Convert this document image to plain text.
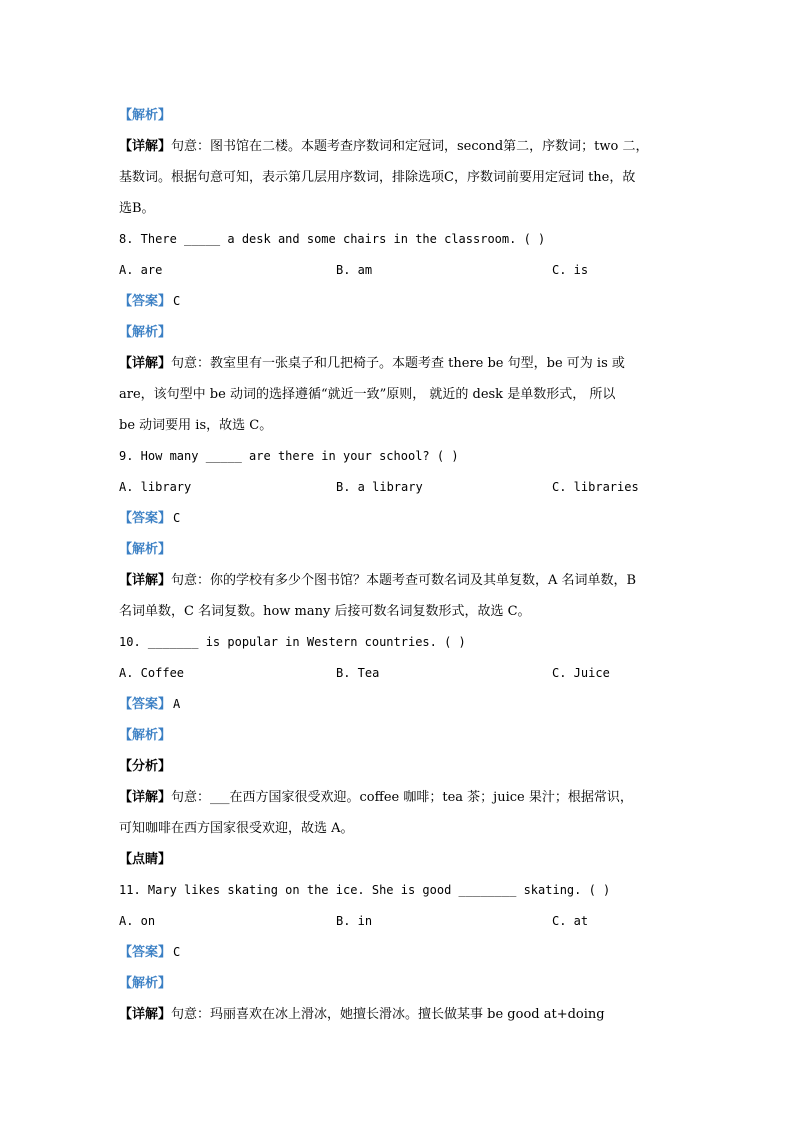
【解析】
【详解】句意：图书馆在二楼。本题考查序数词和定冠词，second第二，序数词；two 二，
基数词。根据句意可知，表示第几层用序数词，排除选项C，序数词前要用定冠词 the，故
选B。
8. There _____ a desk and some chairs in the classroom. ( )
A. are	B. am	C. is
【答案】 C
【解析】
【详解】句意：教室里有一张桌子和几把椅子。本题考查 there be 句型，be 可为 is 或
are，该句型中 be 动词的选择遵循“就近一致”原则， 就近的 desk 是单数形式， 所以
be 动词要用 is，故选 C。
9. How many _____ are there in your school? ( )
A. library	B. a library	C. libraries
【答案】 C
【解析】
【详解】句意：你的学校有多少个图书馆？本题考查可数名词及其单复数，A 名词单数，B
名词单数，C 名词复数。how many 后接可数名词复数形式，故选 C。
10. _______ is popular in Western countries. ( )
A. Coffee	B. Tea	C. Juice
【答案】 A
【解析】
【分析】
【详解】句意：___在西方国家很受欢迎。coffee 咖啡；tea 茶；juice 果汁；根据常识，
可知咖啡在西方国家很受欢迎，故选 A。
【点睛】
11. Mary likes skating on the ice. She is good ________ skating. ( )
A. on	B. in	C. at
【答案】 C
【解析】
【详解】句意：玛丽喜欢在冰上滑冰，她擅长滑冰。擅长做某事 be good at+doing
